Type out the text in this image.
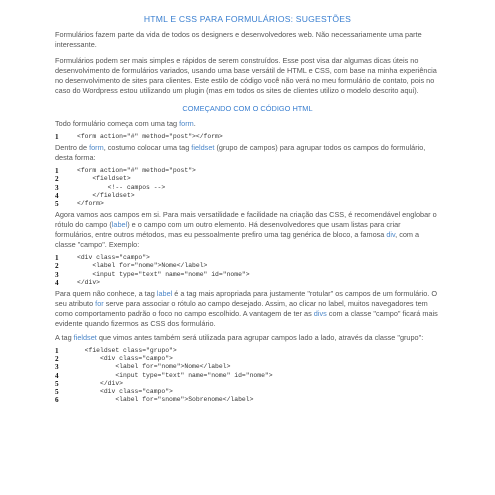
HTML E CSS PARA FORMULÁRIOS: SUGESTÕES

Formulários fazem parte da vida de todos os designers e desenvolvedores web. Não necessariamente uma parte interessante.

Formulários podem ser mais simples e rápidos de serem construídos. Esse post visa dar algumas dicas úteis no desenvolvimento de formulários variados, usando uma base versátil de HTML e CSS, com base na minha experiência no desenvolvimento de sites para clientes. Este estilo de código você não verá no meu formulário de contato, pois no caso do Wordpress estou utilizando um plugin (mas em todos os sites de clientes utilizo o modelo descrito aqui).

COMEÇANDO COM O CÓDIGO HTML

Todo formulário começa com uma tag form.

1	<form action="#" method="post"></form>

Dentro de form, costumo colocar uma tag fieldset (grupo de campos) para agrupar todos os campos do formulário, desta forma:

1	<form action="#" method="post">
2	<fieldset>
3	<!-- campos -->
4	</fieldset>
5	</form>

Agora vamos aos campos em si. Para mais versatilidade e facilidade na criação das CSS, é recomendável englobar o rótulo do campo (label) e o campo com um outro elemento. Há desenvolvedores que usam listas para criar formulários, entre outros métodos, mas eu pessoalmente prefiro uma tag genérica de bloco, a famosa div, com a classe "campo". Exemplo:

1	<div class="campo">
2	<label for="nome">Nome</label>
3	<input type="text" name="nome" id="nome">
4	</div>

Para quem não conhece, a tag label é a tag mais apropriada para justamente "rotular" os campos de um formulário. O seu atributo for serve para associar o rótulo ao campo desejado. Assim, ao clicar no label, muitos navegadores tem como comportamento padrão o foco no campo escolhido. A vantagem de ter as divs com a classe "campo" ficará mais evidente quando fizermos as CSS dos formulário.

A tag fieldset que vimos antes também será utilizada para agrupar campos lado a lado, através da classe "grupo":

1	<fieldset class="grupo">
2	<div class="campo">
3	<label for="nome">Nome</label>
4	<input type="text" name="nome" id="nome">
5	</div>
5	<div class="campo">
6	<label for="snome">Sobrenome</label>
